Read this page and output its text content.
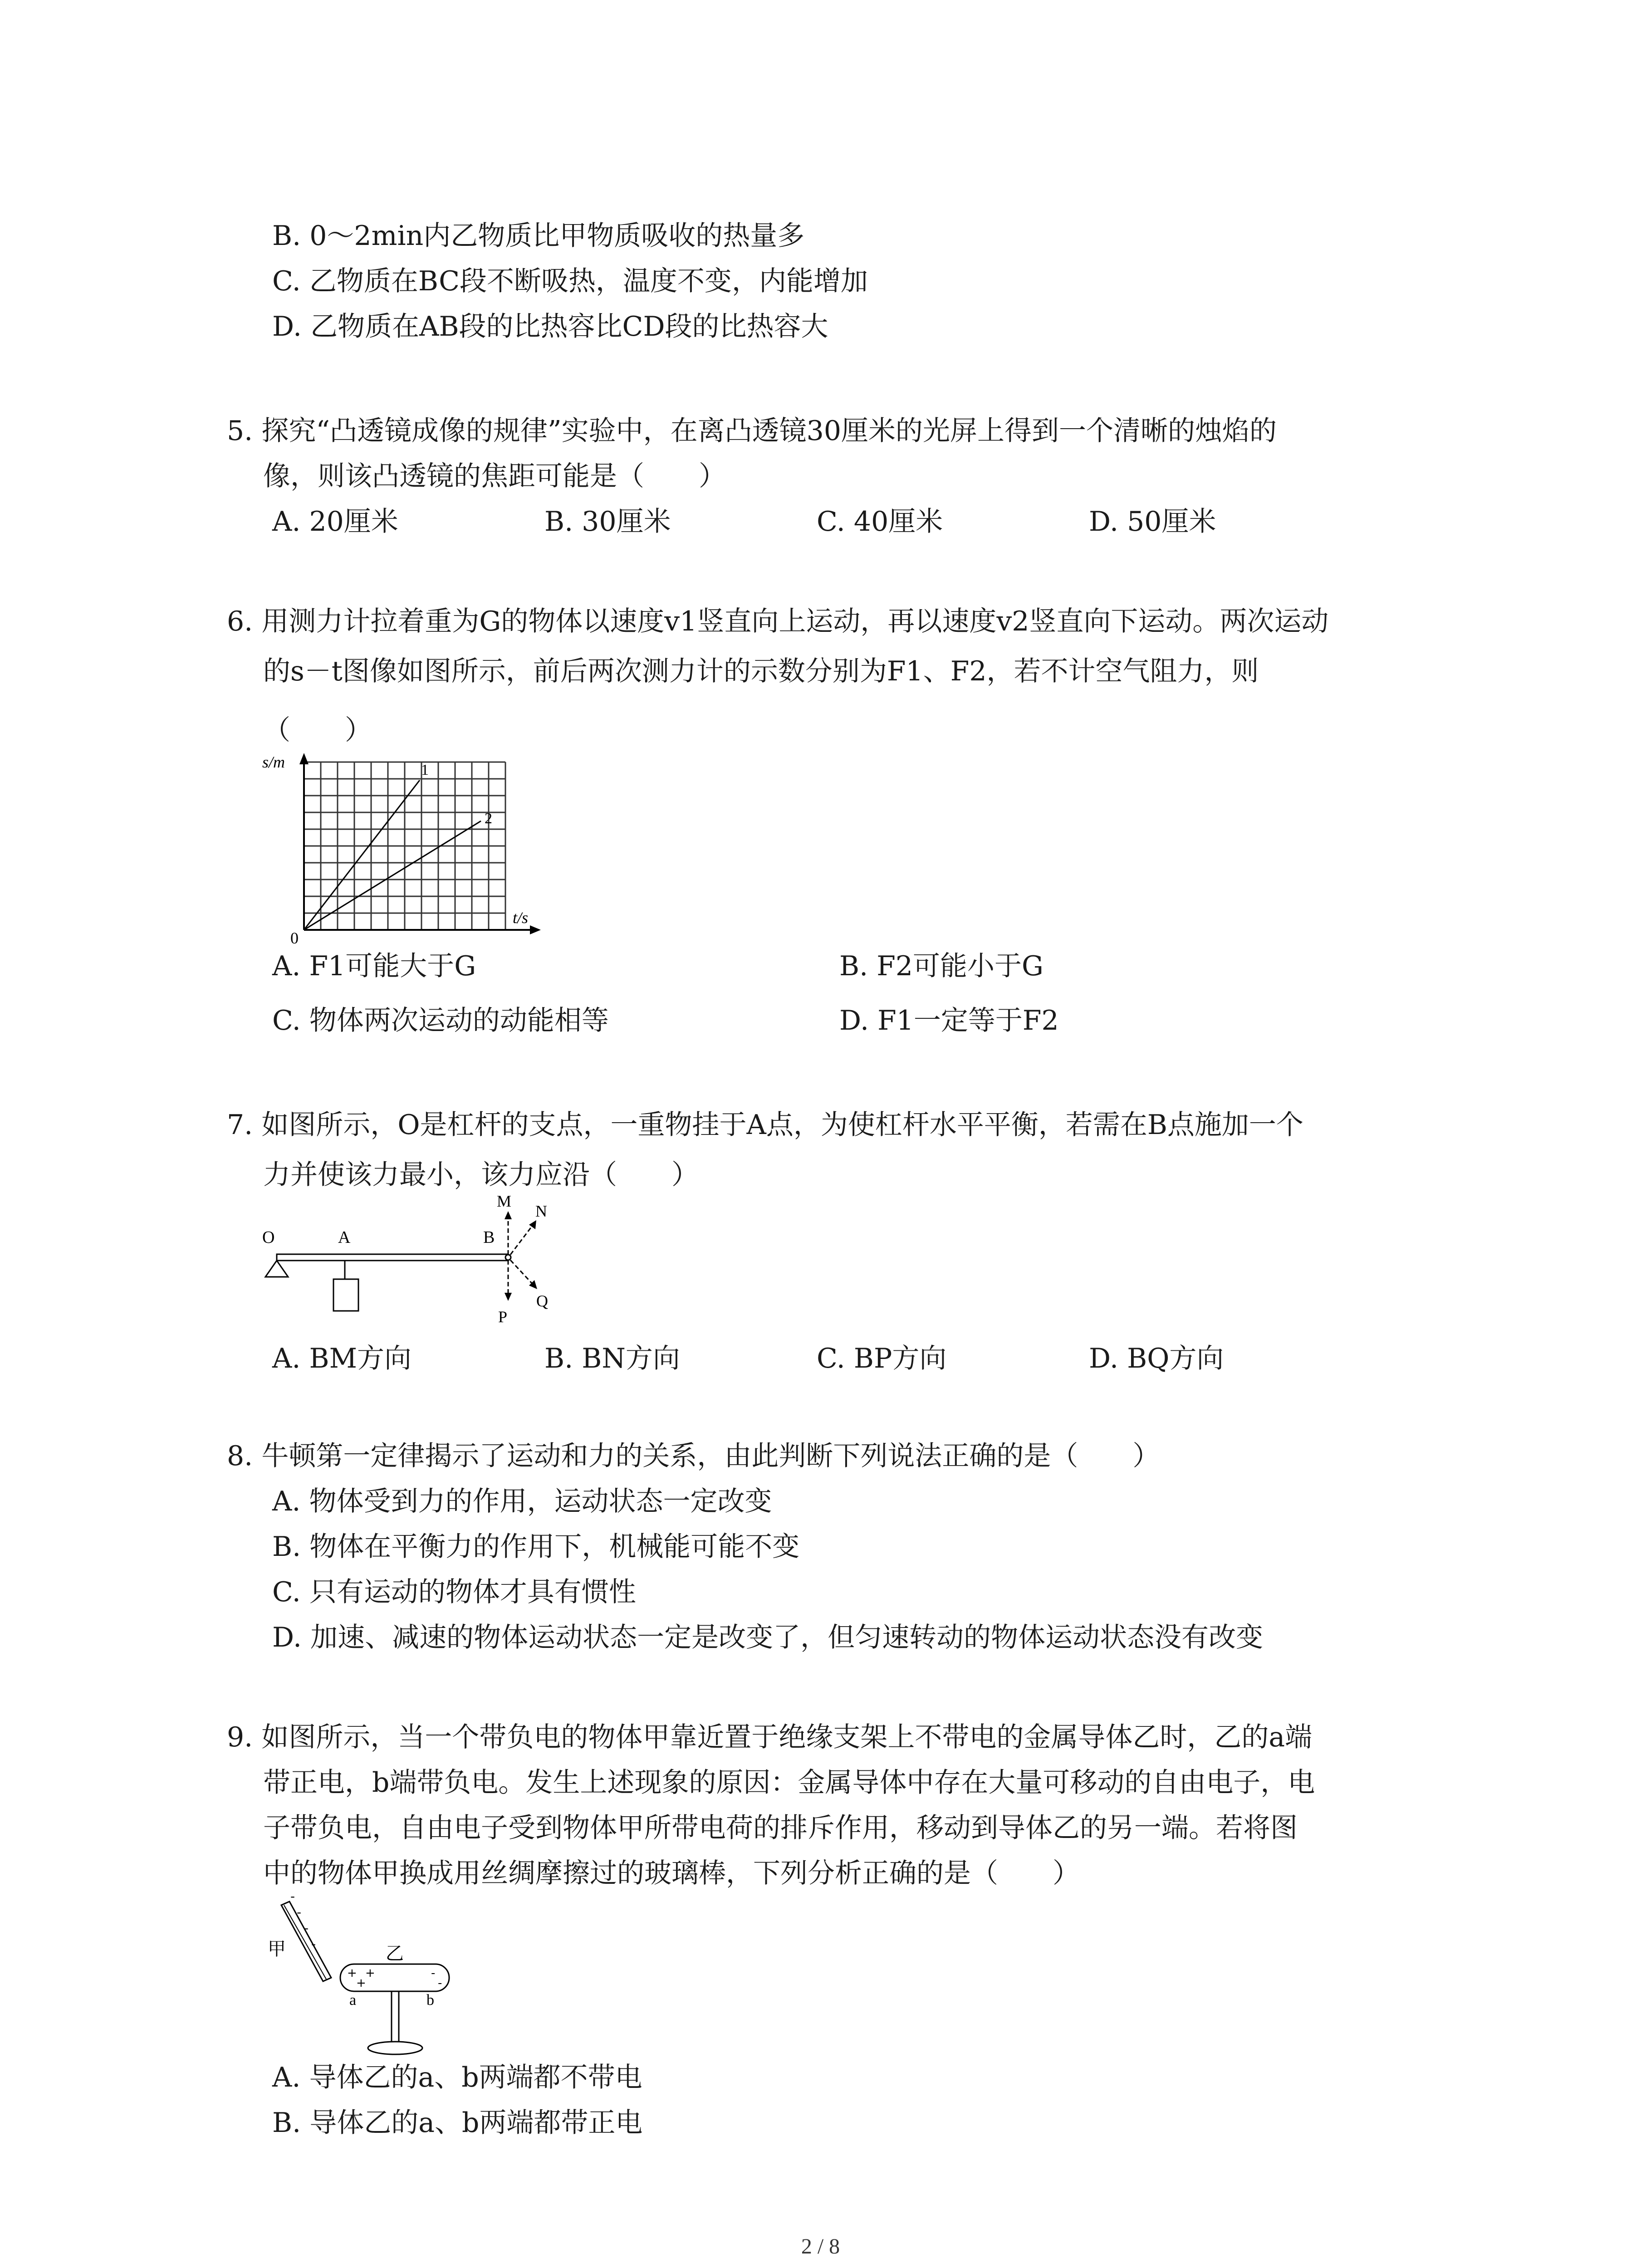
B. 0～2min内乙物质比甲物质吸收的热量多
C. 乙物质在BC段不断吸热，温度不变，内能增加
D. 乙物质在AB段的比热容比CD段的比热容大
5. 探究“凸透镜成像的规律”实验中，在离凸透镜30厘米的光屏上得到一个清晰的烛焰的
像，则该凸透镜的焦距可能是（　　）
A. 20厘米	B. 30厘米	C. 40厘米	D. 50厘米
6. 用测力计拉着重为G的物体以速度v1竖直向上运动，再以速度v2竖直向下运动。两次运动
的s－t图像如图所示，前后两次测力计的示数分别为F1、F2，若不计空气阻力，则
（　　）
s/m
t/s
0
1
2
A. F1可能大于G	B. F2可能小于G
C. 物体两次运动的动能相等	D. F1一定等于F2
7. 如图所示，O是杠杆的支点，一重物挂于A点，为使杠杆水平平衡，若需在B点施加一个
力并使该力最小，该力应沿（　　）
O	A	B
M
N
P
Q
A. BM方向	B. BN方向	C. BP方向	D. BQ方向
8. 牛顿第一定律揭示了运动和力的关系，由此判断下列说法正确的是（　　）
A. 物体受到力的作用，运动状态一定改变
B. 物体在平衡力的作用下，机械能可能不变
C. 只有运动的物体才具有惯性
D. 加速、减速的物体运动状态一定是改变了，但匀速转动的物体运动状态没有改变
9. 如图所示，当一个带负电的物体甲靠近置于绝缘支架上不带电的金属导体乙时，乙的a端
带正电，b端带负电。发生上述现象的原因：金属导体中存在大量可移动的自由电子，电
子带负电，自由电子受到物体甲所带电荷的排斥作用，移动到导体乙的另一端。若将图
中的物体甲换成用丝绸摩擦过的玻璃棒，下列分析正确的是（　　）
甲
-
-
-
-	乙
+
+
+	-
-
a	b
A. 导体乙的a、b两端都不带电
B. 导体乙的a、b两端都带正电
2 / 8
